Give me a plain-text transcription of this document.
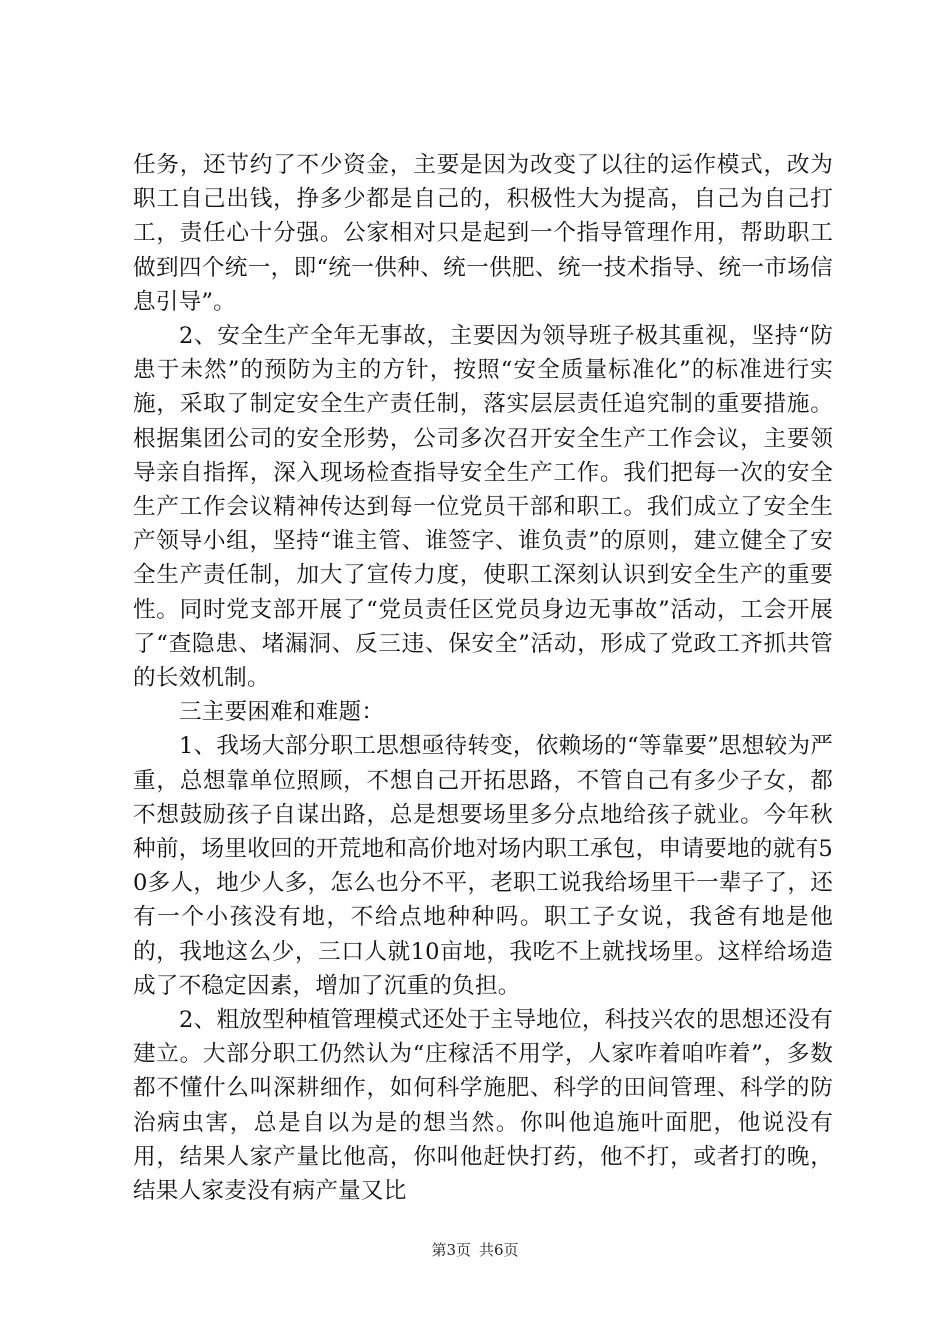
任务，还节约了不少资金，主要是因为改变了以往的运作模式，改为职工自己出钱，挣多少都是自己的，积极性大为提高，自己为自己打工，责任心十分强。公家相对只是起到一个指导管理作用，帮助职工做到四个统一，即“统一供种、统一供肥、统一技术指导、统一市场信息引导”。

2、安全生产全年无事故，主要因为领导班子极其重视，坚持“防患于未然”的预防为主的方针，按照“安全质量标准化”的标准进行实施，采取了制定安全生产责任制，落实层层责任追究制的重要措施。根据集团公司的安全形势，公司多次召开安全生产工作会议，主要领导亲自指挥，深入现场检查指导安全生产工作。我们把每一次的安全生产工作会议精神传达到每一位党员干部和职工。我们成立了安全生产领导小组，坚持“谁主管、谁签字、谁负责”的原则，建立健全了安全生产责任制，加大了宣传力度，使职工深刻认识到安全生产的重要性。同时党支部开展了“党员责任区党员身边无事故”活动，工会开展了“查隐患、堵漏洞、反三违、保安全”活动，形成了党政工齐抓共管的长效机制。

三主要困难和难题：

1、我场大部分职工思想亟待转变，依赖场的“等靠要”思想较为严重，总想靠单位照顾，不想自己开拓思路，不管自己有多少子女，都不想鼓励孩子自谋出路，总是想要场里多分点地给孩子就业。今年秋种前，场里收回的开荒地和高价地对场内职工承包，申请要地的就有50多人，地少人多，怎么也分不平，老职工说我给场里干一辈子了，还有一个小孩没有地，不给点地种种吗。职工子女说，我爸有地是他的，我地这么少，三口人就10亩地，我吃不上就找场里。这样给场造成了不稳定因素，增加了沉重的负担。

2、粗放型种植管理模式还处于主导地位，科技兴农的思想还没有建立。大部分职工仍然认为“庄稼活不用学，人家咋着咱咋着”，多数都不懂什么叫深耕细作，如何科学施肥、科学的田间管理、科学的防治病虫害，总是自以为是的想当然。你叫他追施叶面肥，他说没有用，结果人家产量比他高，你叫他赶快打药，他不打，或者打的晚，结果人家麦没有病产量又比

第3页 共6页
